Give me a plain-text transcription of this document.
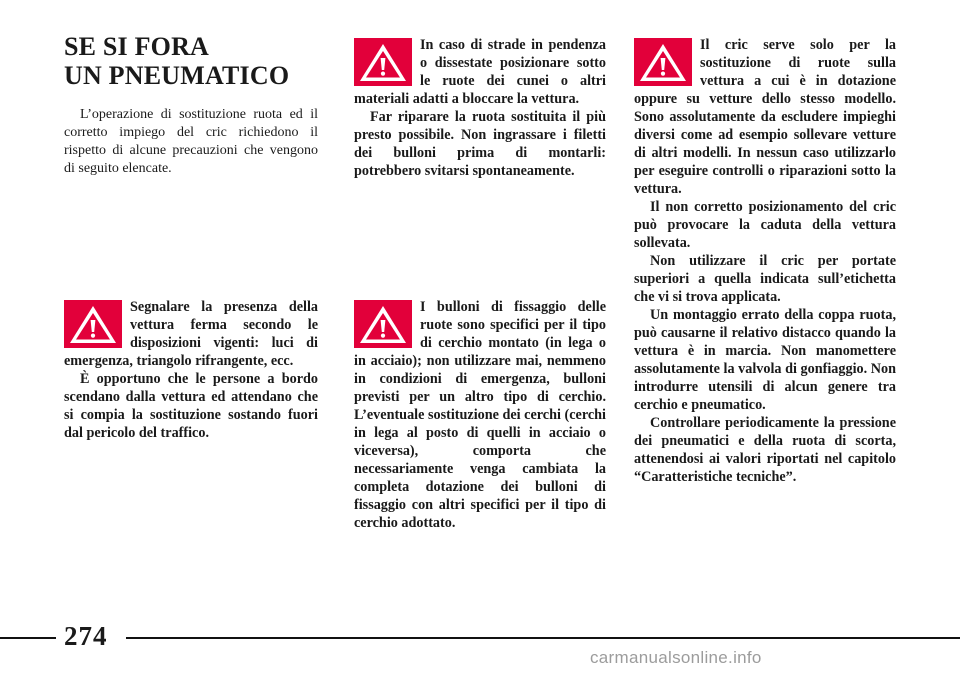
SE SI FORA
UN PNEUMATICO

L’operazione di sostituzione ruota ed il corretto impiego del cric richiedono il rispetto di alcune precauzioni che vengono di seguito elencate.

Segnalare la presenza della vettura ferma secondo le disposizioni vigenti: luci di emergenza, triangolo rifrangente, ecc.

È opportuno che le persone a bordo scendano dalla vettura ed attendano che si compia la sostituzione sostando fuori dal pericolo del traffico.

In caso di strade in pendenza o dissestate posizionare sotto le ruote dei cunei o altri materiali adatti a bloccare la vettura.

Far riparare la ruota sostituita il più presto possibile. Non ingrassare i filetti dei bulloni prima di montarli: potrebbero svitarsi spontaneamente.

I bulloni di fissaggio delle ruote sono specifici per il tipo di cerchio montato (in lega o in acciaio); non utilizzare mai, nemmeno in condizioni di emergenza, bulloni previsti per un altro tipo di cerchio. L’eventuale sostituzione dei cerchi (cerchi in lega al posto di quelli in acciaio o viceversa), comporta che necessariamente venga cambiata la completa dotazione dei bulloni di fissaggio con altri specifici per il tipo di cerchio adottato.

Il cric serve solo per la sostituzione di ruote sulla vettura a cui è in dotazione oppure su vetture dello stesso modello. Sono assolutamente da escludere impieghi diversi come ad esempio sollevare vetture di altri modelli. In nessun caso utilizzarlo per eseguire controlli o riparazioni sotto la vettura.

Il non corretto posizionamento del cric può provocare la caduta della vettura sollevata.

Non utilizzare il cric per portate superiori a quella indicata sull’etichetta che vi si trova applicata.

Un montaggio errato della coppa ruota, può causarne il relativo distacco quando la vettura è in marcia. Non manomettere assolutamente la valvola di gonfiaggio. Non introdurre utensili di alcun genere tra cerchio e pneumatico.

Controllare periodicamente la pressione dei pneumatici e della ruota di scorta, attenendosi ai valori riportati nel capitolo “Caratteristiche tecniche”.

274

carmanualsonline.info
